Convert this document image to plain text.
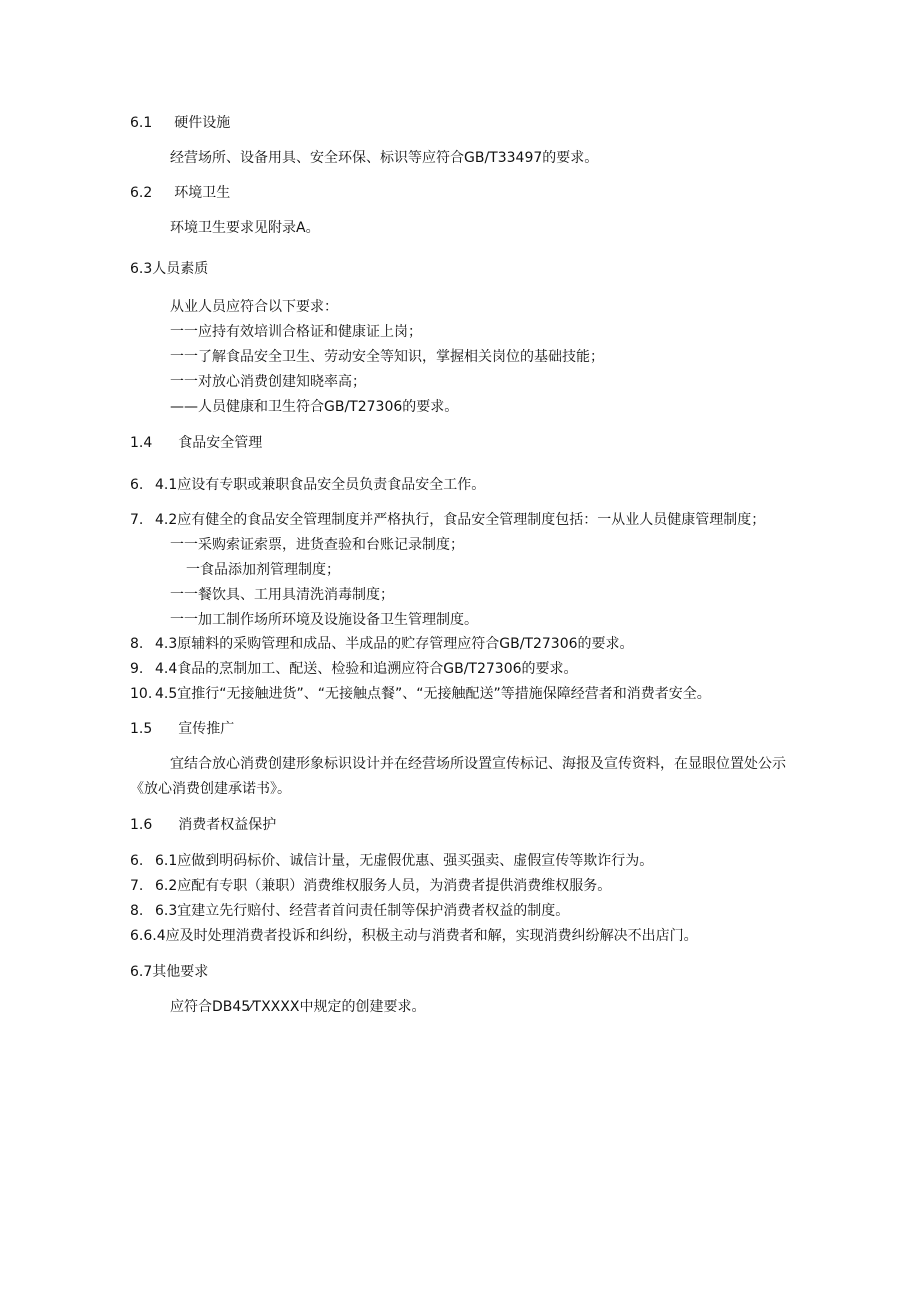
6.1 硬件设施
经营场所、设备用具、安全环保、标识等应符合GB/T33497的要求。
6.2 环境卫生
环境卫生要求见附录A。
6.3人员素质
从业人员应符合以下要求：
一一应持有效培训合格证和健康证上岗；
一一了解食品安全卫生、劳动安全等知识，掌握相关岗位的基础技能；
一一对放心消费创建知晓率高；
——人员健康和卫生符合GB/T27306的要求。
1.4 食品安全管理
6. 4.1应设有专职或兼职食品安全员负责食品安全工作。
7. 4.2应有健全的食品安全管理制度并严格执行，食品安全管理制度包括：一从业人员健康管理制度；
一一采购索证索票，进货查验和台账记录制度；
一食品添加剂管理制度；
一一餐饮具、工用具清洗消毒制度；
一一加工制作场所环境及设施设备卫生管理制度。
8. 4.3原辅料的采购管理和成品、半成品的贮存管理应符合GB/T27306的要求。
9. 4.4食品的烹制加工、配送、检验和追溯应符合GB/T27306的要求。
10. 4.5宜推行“无接触进货”、“无接触点餐”、“无接触配送”等措施保障经营者和消费者安全。
1.5 宣传推广
宜结合放心消费创建形象标识设计并在经营场所设置宣传标记、海报及宣传资料，在显眼位置处公示
《放心消费创建承诺书》。
1.6 消费者权益保护
6. 6.1应做到明码标价、诚信计量，无虚假优惠、强买强卖、虚假宣传等欺诈行为。
7. 6.2应配有专职（兼职）消费维权服务人员，为消费者提供消费维权服务。
8. 6.3宜建立先行赔付、经营者首问责任制等保护消费者权益的制度。
6.6.4应及时处理消费者投诉和纠纷，积极主动与消费者和解，实现消费纠纷解决不出店门。
6.7其他要求
应符合DB45⁄TXXXX中规定的创建要求。
